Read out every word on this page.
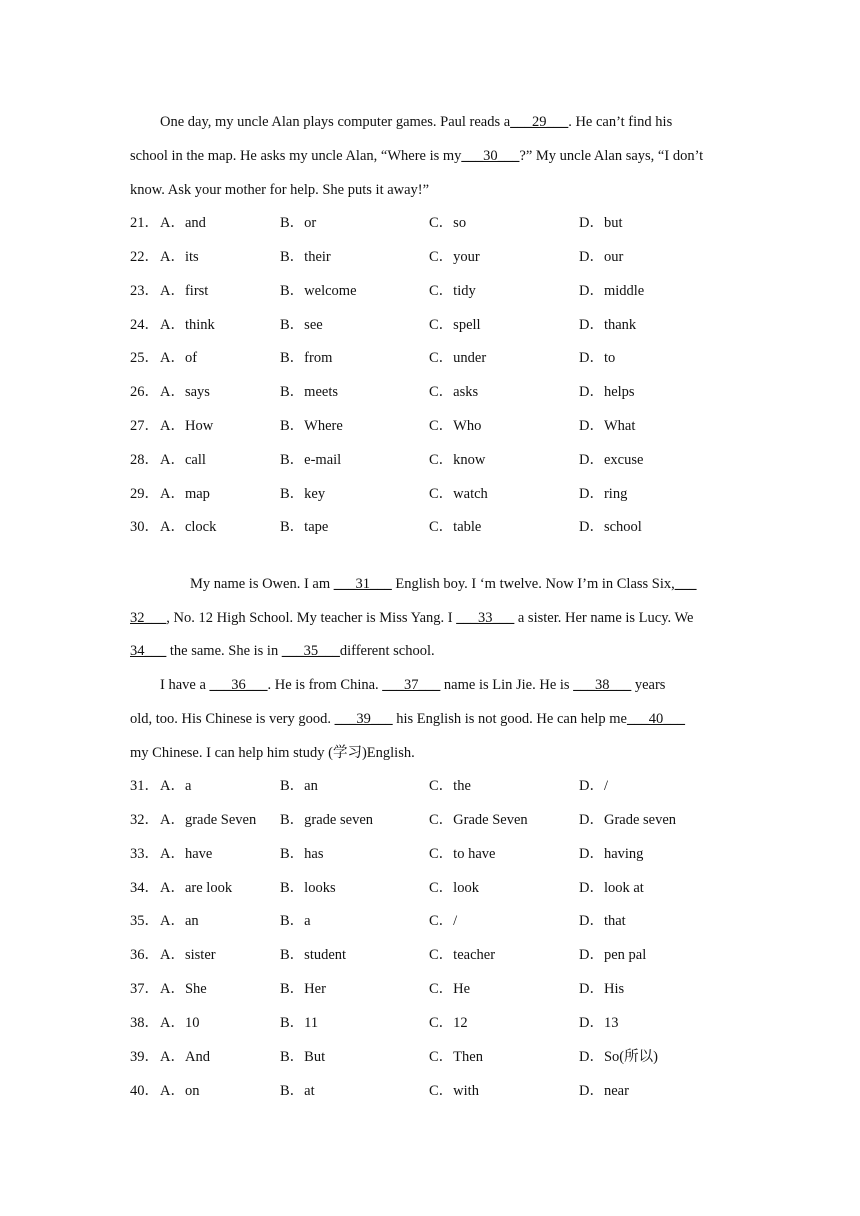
One day, my uncle Alan plays computer games. Paul reads a___29___. He can’t find his
school in the map. He asks my uncle Alan, “Where is my___30___?” My uncle Alan says, “I don’t
know. Ask your mother for help. She puts it away!”
21． A．and	B．or	C．so	D．but
22． A．its	B．their	C．your	D．our
23． A．first	B．welcome	C．tidy	D．middle
24． A．think	B．see	C．spell	D．thank
25． A．of	B．from	C．under	D．to
26． A．says	B．meets	C．asks	D．helps
27． A．How	B．Where	C．Who	D．What
28． A．call	B．e-mail	C．know	D．excuse
29． A．map	B．key	C．watch	D．ring
30． A．clock	B．tape	C．table	D．school
My name is Owen. I am ___31___ English boy. I ‘m twelve. Now I’m in Class Six,___
32___, No. 12 High School. My teacher is Miss Yang. I ___33___ a sister. Her name is Lucy. We
34___ the same. She is in ___35___different school.
I have a ___36___. He is from China. ___37___ name is Lin Jie. He is ___38___ years
old, too. His Chinese is very good. ___39___ his English is not good. He can help me___40___
my Chinese. I can help him study (学习)English.
31． A．a	B．an	C．the	D．/
32． A．grade Seven B．grade seven	C．Grade Seven	D．Grade seven
33． A．have	B．has	C．to have	D．having
34． A．are look	B．looks	C．look	D．look at
35． A．an	B．a	C．/	D．that
36． A．sister	B．student	C．teacher	D．pen pal
37． A．She	B．Her	C．He	D．His
38． A．10	B．11	C．12	D．13
39． A．And	B．But	C．Then	D．So(所以)
40． A．on	B．at	C．with	D．near
